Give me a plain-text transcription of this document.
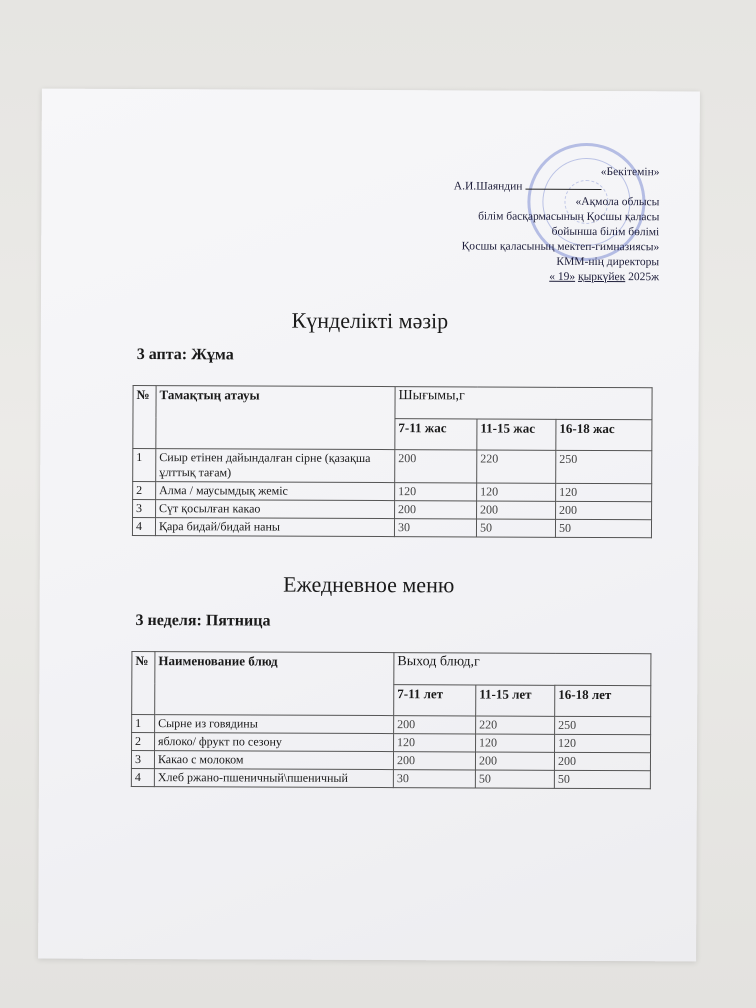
«Бекітемін»
А.И.Шаяндин
«Ақмола облысы
білім басқармасының Қосшы қаласы
бойынша білім бөлімі
Қосшы қаласының мектеп-гимназиясы»
КММ-нің директоры
« 19» қыркүйек 2025ж
Күнделікті мәзір
3 апта: Жұма
№	Тамақтың атауы	Шығымы,г		
		7-11 жас	11-15 жас	16-18 жас
1	Сиыр етінен дайындалған сірне (қазақша ұлттық тағам)	200	220	250
2	Алма / маусымдық жеміс	120	120	120
3	Сүт қосылған какао	200	200	200
4	Қара бидай/бидай наны	30	50	50
Ежедневное меню
3 неделя: Пятница
№	Наименование блюд	Выход блюд,г		
		7-11 лет	11-15 лет	16-18 лет
1	Сырне из говядины	200	220	250
2	яблоко/ фрукт по сезону	120	120	120
3	Какао с молоком	200	200	200
4	Хлеб ржано-пшеничный\пшеничный	30	50	50
